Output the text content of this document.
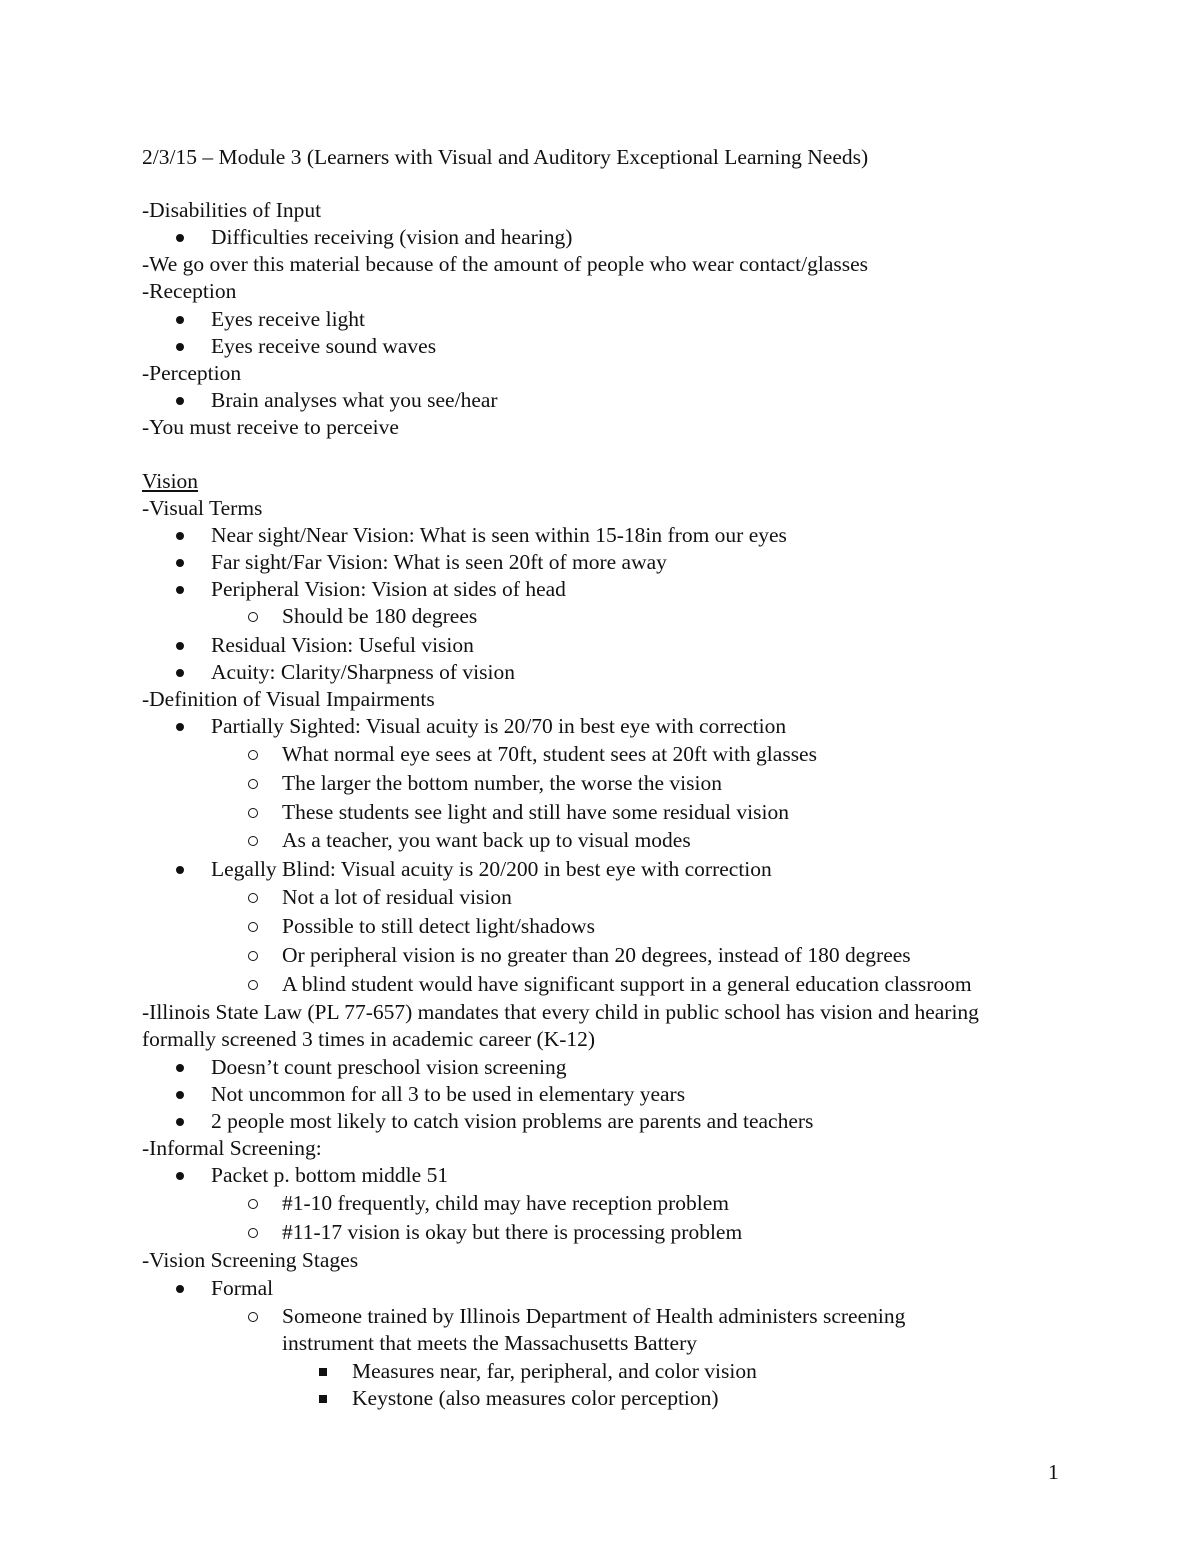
2/3/15 – Module 3 (Learners with Visual and Auditory Exceptional Learning Needs)
-Disabilities of Input
Difficulties receiving (vision and hearing)
-We go over this material because of the amount of people who wear contact/glasses
-Reception
Eyes receive light
Eyes receive sound waves
-Perception
Brain analyses what you see/hear
-You must receive to perceive
Vision
-Visual Terms
Near sight/Near Vision: What is seen within 15-18in from our eyes
Far sight/Far Vision: What is seen 20ft of more away
Peripheral Vision: Vision at sides of head
Should be 180 degrees
Residual Vision: Useful vision
Acuity: Clarity/Sharpness of vision
-Definition of Visual Impairments
Partially Sighted: Visual acuity is 20/70 in best eye with correction
What normal eye sees at 70ft, student sees at 20ft with glasses
The larger the bottom number, the worse the vision
These students see light and still have some residual vision
As a teacher, you want back up to visual modes
Legally Blind: Visual acuity is 20/200 in best eye with correction
Not a lot of residual vision
Possible to still detect light/shadows
Or peripheral vision is no greater than 20 degrees, instead of 180 degrees
A blind student would have significant support in a general education classroom
-Illinois State Law (PL 77-657) mandates that every child in public school has vision and hearing
formally screened 3 times in academic career (K-12)
Doesn’t count preschool vision screening
Not uncommon for all 3 to be used in elementary years
2 people most likely to catch vision problems are parents and teachers
-Informal Screening:
Packet p. bottom middle 51
#1-10 frequently, child may have reception problem
#11-17 vision is okay but there is processing problem
-Vision Screening Stages
Formal
Someone trained by Illinois Department of Health administers screening
instrument that meets the Massachusetts Battery
Measures near, far, peripheral, and color vision
Keystone (also measures color perception)
1
